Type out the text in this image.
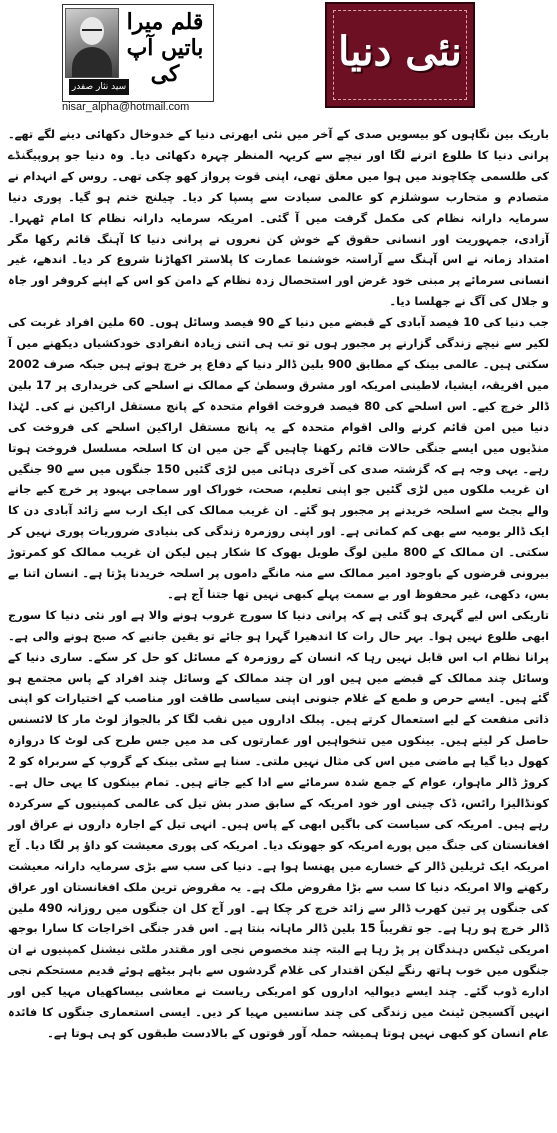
قلم میرا
باتیں آپ کی
سید نثار صفدر
nisar_alpha@hotmail.com
نئی دنیا

باریک بین نگاہوں کو بیسویں صدی کے آخر میں نئی ابھرتی دنیا کے خدوخال دکھائی دینے لگے تھے۔ پرانی دنیا کا طلوع اترنے لگا اور نیچے سے کریہہ المنظر چہرہ دکھائی دیا۔ وہ دنیا جو پروپیگنڈے کی طلسمی چکاچوند میں ہوا میں معلق تھی، اپنی قوت پرواز کھو چکی تھی۔ روس کے انہدام نے متصادم و متحارب سوشلزم کو عالمی سیادت سے پسپا کر دیا۔ چیلنج ختم ہو گیا۔ پوری دنیا سرمایہ دارانہ نظام کی مکمل گرفت میں آ گئی۔ امریکہ سرمایہ دارانہ نظام کا امام ٹھہرا۔ آزادی، جمہوریت اور انسانی حقوق کے خوش کن نعروں نے پرانی دنیا کا آہنگ قائم رکھا مگر امتداد زمانہ نے اس آہنگ سے آراستہ خوشنما عمارت کا پلاستر اکھاڑنا شروع کر دیا۔ اندھے، غیر انسانی سرمائے پر مبنی خود غرض اور استحصال زدہ نظام کے دامن کو اس کے اپنے کروفر اور جاہ و جلال کی آگ نے جھلسا دیا۔

جب دنیا کی 10 فیصد آبادی کے قبضے میں دنیا کے 90 فیصد وسائل ہوں۔ 60 ملین افراد غربت کی لکیر سے نیچے زندگی گزارنے پر مجبور ہوں تو تب ہی اتنی زیادہ انفرادی خودکشیاں دیکھنے میں آ سکتی ہیں۔ عالمی بینک کے مطابق 900 بلین ڈالر دنیا کے دفاع پر خرچ ہوتے ہیں جبکہ صرف 2002 میں افریقہ، ایشیا، لاطینی امریکہ اور مشرق وسطیٰ کے ممالک نے اسلحے کی خریداری پر 17 بلین ڈالر خرچ کیے۔ اس اسلحے کی 80 فیصد فروخت اقوام متحدہ کے پانچ مستقل اراکین نے کی۔ لہٰذا دنیا میں امن قائم کرنے والی اقوام متحدہ کے یہ پانچ مستقل اراکین اسلحے کی فروخت کی منڈیوں میں ایسے جنگی حالات قائم رکھنا چاہیں گے جن میں ان کا اسلحہ مسلسل فروخت ہوتا رہے۔ یہی وجہ ہے کہ گزشتہ صدی کی آخری دہائی میں لڑی گئیں 150 جنگوں میں سے 90 جنگیں ان غریب ملکوں میں لڑی گئیں جو اپنی تعلیم، صحت، خوراک اور سماجی بہبود پر خرچ کیے جانے والے بجٹ سے اسلحہ خریدنے پر مجبور ہو گئے۔ ان غریب ممالک کی ایک ارب سے زائد آبادی دن کا ایک ڈالر یومیہ سے بھی کم کماتی ہے۔ اور اپنی روزمرہ زندگی کی بنیادی ضروریات پوری نہیں کر سکتی۔ ان ممالک کے 800 ملین لوگ طویل بھوک کا شکار ہیں لیکن ان غریب ممالک کو کمرتوڑ بیرونی قرضوں کے باوجود امیر ممالک سے منہ مانگے داموں پر اسلحہ خریدنا پڑتا ہے۔ انسان اتنا بے بس، دکھی، غیر محفوظ اور بے سمت پہلے کبھی نہیں تھا جتنا آج ہے۔

تاریکی اس لیے گہری ہو گئی ہے کہ پرانی دنیا کا سورج غروب ہونے والا ہے اور نئی دنیا کا سورج ابھی طلوع نہیں ہوا۔ بہر حال رات کا اندھیرا گہرا ہو جائے تو یقین جانیے کہ صبح ہونے والی ہے۔ پرانا نظام اب اس قابل نہیں رہا کہ انسان کے روزمرہ کے مسائل کو حل کر سکے۔ ساری دنیا کے وسائل چند ممالک کے قبضے میں ہیں اور ان چند ممالک کے وسائل چند افراد کے پاس مجتمع ہو گئے ہیں۔ ایسے حرص و طمع کے غلام جنونی اپنی سیاسی طاقت اور مناصب کے اختیارات کو اپنی ذاتی منفعت کے لیے استعمال کرتے ہیں۔ پبلک اداروں میں نقب لگا کر بالجواز لوٹ مار کا لائسنس حاصل کر لیتے ہیں۔ بینکوں میں تنخواہیں اور عمارتوں کی مد میں جس طرح کی لوٹ کا دروازہ کھول دیا گیا ہے ماضی میں اس کی مثال نہیں ملتی۔ سنا ہے سٹی بینک کے گروپ کے سربراہ کو 2 کروڑ ڈالر ماہوار، عوام کے جمع شدہ سرمائے سے ادا کیے جاتے ہیں۔ تمام بینکوں کا یہی حال ہے۔ کونڈالیزا رائس، ڈک چینی اور خود امریکہ کے سابق صدر بش تیل کی عالمی کمپنیوں کے سرکردہ رہے ہیں۔ امریکہ کی سیاست کی باگیں ابھی کے پاس ہیں۔ انہی تیل کے اجارہ داروں نے عراق اور افغانستان کی جنگ میں پورے امریکہ کو جھونک دیا۔ امریکہ کی پوری معیشت کو داؤ پر لگا دیا۔ آج امریکہ ایک ٹریلین ڈالر کے خسارے میں پھنسا ہوا ہے۔ دنیا کی سب سے بڑی سرمایہ دارانہ معیشت رکھنے والا امریکہ دنیا کا سب سے بڑا مقروض ملک ہے۔ یہ مقروض ترین ملک افغانستان اور عراق کی جنگوں پر تین کھرب ڈالر سے زائد خرچ کر چکا ہے۔ اور آج کل ان جنگوں میں روزانہ 490 ملین ڈالر خرچ ہو رہا ہے۔ جو تقریباً 15 بلین ڈالر ماہانہ بنتا ہے۔ اس قدر جنگی اخراجات کا سارا بوجھ امریکی ٹیکس دہندگان پر پڑ رہا ہے البتہ چند مخصوص نجی اور مقتدر ملٹی نیشنل کمپنیوں نے ان جنگوں میں خوب ہاتھ رنگے لیکن اقتدار کی غلام گردشوں سے باہر بیٹھے ہوئے قدیم مستحکم نجی ادارے ڈوب گئے۔ چند ایسے دیوالیہ اداروں کو امریکی ریاست نے معاشی بیساکھیاں مہیا کیں اور انہیں آکسیجن ٹینٹ میں زندگی کی چند سانسیں مہیا کر دیں۔ ایسی استعماری جنگوں کا فائدہ عام انسان کو کبھی نہیں ہوتا ہمیشہ حملہ آور قوتوں کے بالادست طبقوں کو ہی ہوتا ہے۔
